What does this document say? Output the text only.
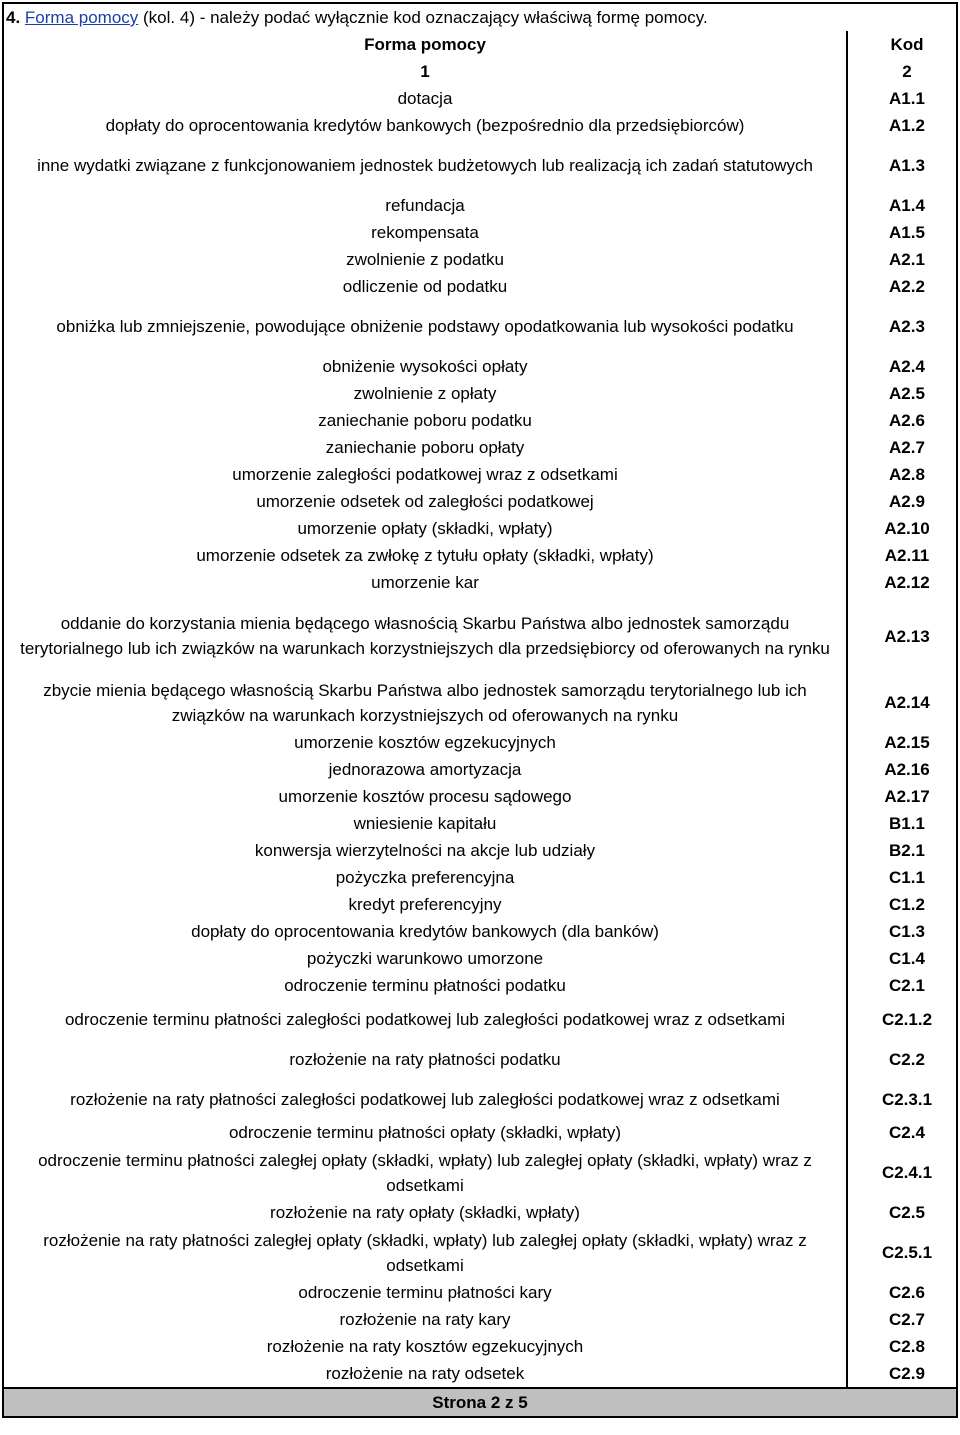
4. Forma pomocy (kol. 4) - należy podać wyłącznie kod oznaczający właściwą formę pomocy.
Forma pomocy	Kod
1	2
dotacja	A1.1
dopłaty do oprocentowania kredytów bankowych (bezpośrednio dla przedsiębiorców)	A1.2
inne wydatki związane z funkcjonowaniem jednostek budżetowych lub realizacją ich zadań statutowych	A1.3
refundacja	A1.4
rekompensata	A1.5
zwolnienie z podatku	A2.1
odliczenie od podatku	A2.2
obniżka lub zmniejszenie, powodujące obniżenie podstawy opodatkowania lub wysokości podatku	A2.3
obniżenie wysokości opłaty	A2.4
zwolnienie z opłaty	A2.5
zaniechanie poboru podatku	A2.6
zaniechanie poboru opłaty	A2.7
umorzenie zaległości podatkowej wraz z odsetkami	A2.8
umorzenie odsetek od zaległości podatkowej	A2.9
umorzenie opłaty (składki, wpłaty)	A2.10
umorzenie odsetek za zwłokę z tytułu opłaty (składki, wpłaty)	A2.11
umorzenie kar	A2.12
oddanie do korzystania mienia będącego własnością Skarbu Państwa albo jednostek samorządu terytorialnego lub ich związków na warunkach korzystniejszych dla przedsiębiorcy od oferowanych na rynku	A2.13
zbycie mienia będącego własnością Skarbu Państwa albo jednostek samorządu terytorialnego lub ich związków na warunkach korzystniejszych od oferowanych na rynku	A2.14
umorzenie kosztów egzekucyjnych	A2.15
jednorazowa amortyzacja	A2.16
umorzenie kosztów procesu sądowego	A2.17
wniesienie kapitału	B1.1
konwersja wierzytelności na akcje lub udziały	B2.1
pożyczka preferencyjna	C1.1
kredyt preferencyjny	C1.2
dopłaty do oprocentowania kredytów bankowych (dla banków)	C1.3
pożyczki warunkowo umorzone	C1.4
odroczenie terminu płatności podatku	C2.1
odroczenie terminu płatności zaległości podatkowej lub zaległości podatkowej wraz z odsetkami	C2.1.2
rozłożenie na raty płatności podatku	C2.2
rozłożenie na raty płatności zaległości podatkowej lub zaległości podatkowej wraz z odsetkami	C2.3.1
odroczenie terminu płatności opłaty (składki, wpłaty)	C2.4
odroczenie terminu płatności zaległej opłaty (składki, wpłaty) lub zaległej opłaty (składki, wpłaty) wraz z odsetkami	C2.4.1
rozłożenie na raty opłaty (składki, wpłaty)	C2.5
rozłożenie na raty płatności zaległej opłaty (składki, wpłaty) lub zaległej opłaty (składki, wpłaty) wraz z odsetkami	C2.5.1
odroczenie terminu płatności kary	C2.6
rozłożenie na raty kary	C2.7
rozłożenie na raty kosztów egzekucyjnych	C2.8
rozłożenie na raty odsetek	C2.9
Strona 2 z 5
